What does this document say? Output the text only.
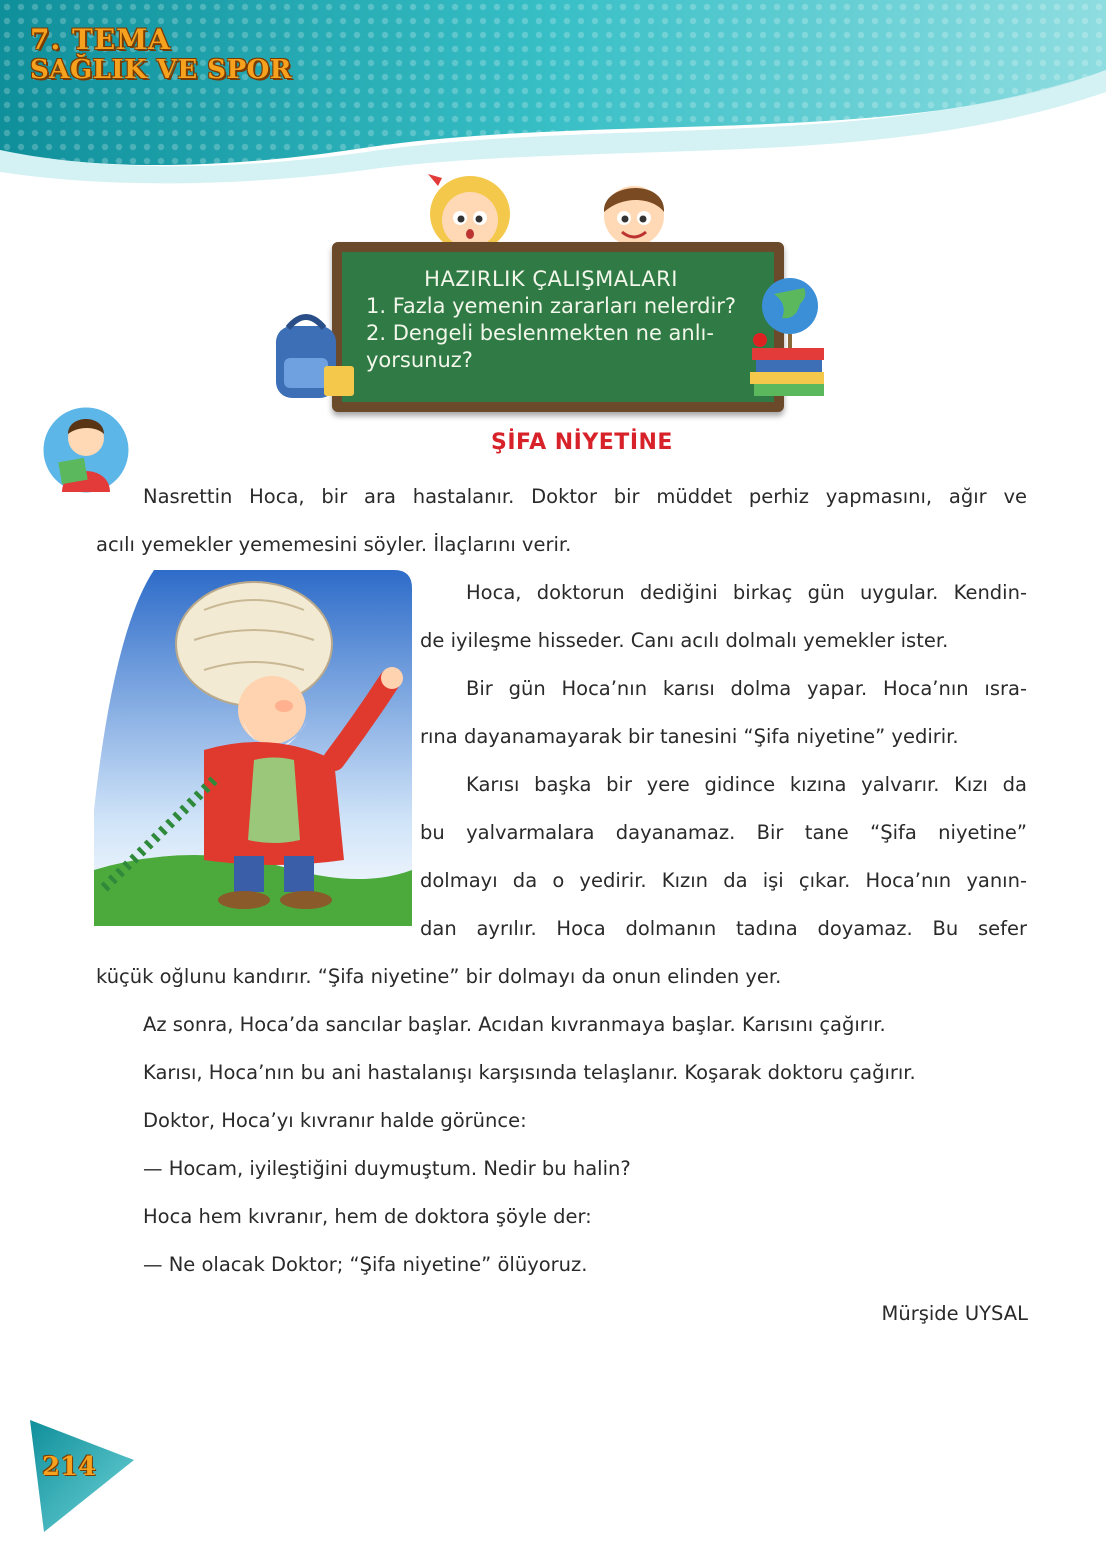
7. TEMA
SAĞLIK VE SPOR
HAZIRLIK ÇALIŞMALARI
1. Fazla yemenin zararları nelerdir?
2. Dengeli beslenmekten ne anlı-
yorsunuz?
ŞİFA NİYETİNE
Nasrettin Hoca, bir ara hastalanır. Doktor bir müddet perhiz yapmasını, ağır ve
acılı yemekler yememesini söyler. İlaçlarını verir.
Hoca, doktorun dediğini birkaç gün uygular. Kendin-
de iyileşme hisseder. Canı acılı dolmalı yemekler ister.
Bir gün Hoca’nın karısı dolma yapar. Hoca’nın ısra-
rına dayanamayarak bir tanesini “Şifa niyetine” yedirir.
Karısı başka bir yere gidince kızına yalvarır. Kızı da
bu yalvarmalara dayanamaz. Bir tane “Şifa niyetine”
dolmayı da o yedirir. Kızın da işi çıkar. Hoca’nın yanın-
dan ayrılır. Hoca dolmanın tadına doyamaz. Bu sefer
küçük oğlunu kandırır. “Şifa niyetine” bir dolmayı da onun elinden yer.
Az sonra, Hoca’da sancılar başlar. Acıdan kıvranmaya başlar. Karısını çağırır.
Karısı, Hoca’nın bu ani hastalanışı karşısında telaşlanır. Koşarak doktoru çağırır.
Doktor, Hoca’yı kıvranır halde görünce:
— Hocam, iyileştiğini duymuştum. Nedir bu halin?
Hoca hem kıvranır, hem de doktora şöyle der:
— Ne olacak Doktor; “Şifa niyetine” ölüyoruz.
Mürşide UYSAL
214
